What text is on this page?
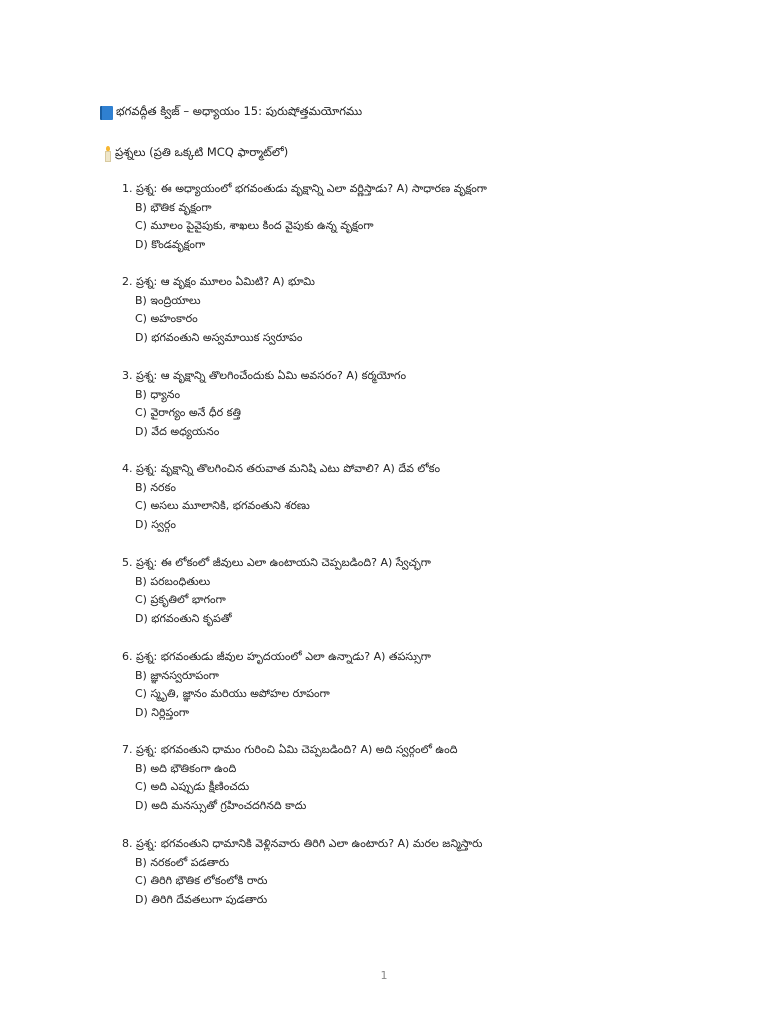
భగవద్గీత క్విజ్ – అధ్యాయం 15: పురుషోత్తమయోగము
ప్రశ్నలు (ప్రతి ఒక్కటి MCQ ఫార్మాట్‌లో)
1. ప్రశ్న: ఈ అధ్యాయంలో భగవంతుడు వృక్షాన్ని ఎలా వర్ణిస్తాడు? A) సాధారణ వృక్షంగా
B) భౌతిక వృక్షంగా
C) మూలం పైవైపుకు, శాఖలు కింద వైపుకు ఉన్న వృక్షంగా
D) కొండవృక్షంగా
2. ప్రశ్న: ఆ వృక్షం మూలం ఏమిటి? A) భూమి
B) ఇంద్రియాలు
C) అహంకారం
D) భగవంతుని అస్వమాయిక స్వరూపం
3. ప్రశ్న: ఆ వృక్షాన్ని తొలగించేందుకు ఏమి అవసరం? A) కర్మయోగం
B) ధ్యానం
C) వైరాగ్యం అనే ధీర కత్తి
D) వేద అధ్యయనం
4. ప్రశ్న: వృక్షాన్ని తొలగించిన తరువాత మనిషి ఎటు పోవాలి? A) దేవ లోకం
B) నరకం
C) అసలు మూలానికి, భగవంతుని శరణు
D) స్వర్గం
5. ప్రశ్న: ఈ లోకంలో జీవులు ఎలా ఉంటాయని చెప్పబడింది? A) స్వేచ్ఛగా
B) పరబంధితులు
C) ప్రకృతిలో భాగంగా
D) భగవంతుని కృపతో
6. ప్రశ్న: భగవంతుడు జీవుల హృదయంలో ఎలా ఉన్నాడు? A) తపస్సుగా
B) జ్ఞానస్వరూపంగా
C) స్మృతి, జ్ఞానం మరియు అపోహల రూపంగా
D) నిర్లిప్తంగా
7. ప్రశ్న: భగవంతుని ధామం గురించి ఏమి చెప్పబడింది? A) అది స్వర్గంలో ఉంది
B) అది భౌతికంగా ఉంది
C) అది ఎప్పుడు క్షీణించదు
D) అది మనస్సుతో గ్రహించదగినది కాదు
8. ప్రశ్న: భగవంతుని ధామానికి వెళ్లినవారు తిరిగి ఎలా ఉంటారు? A) మరల జన్మిస్తారు
B) నరకంలో పడతారు
C) తిరిగి భౌతిక లోకంలోకి రారు
D) తిరిగి దేవతలుగా పుడతారు
1
